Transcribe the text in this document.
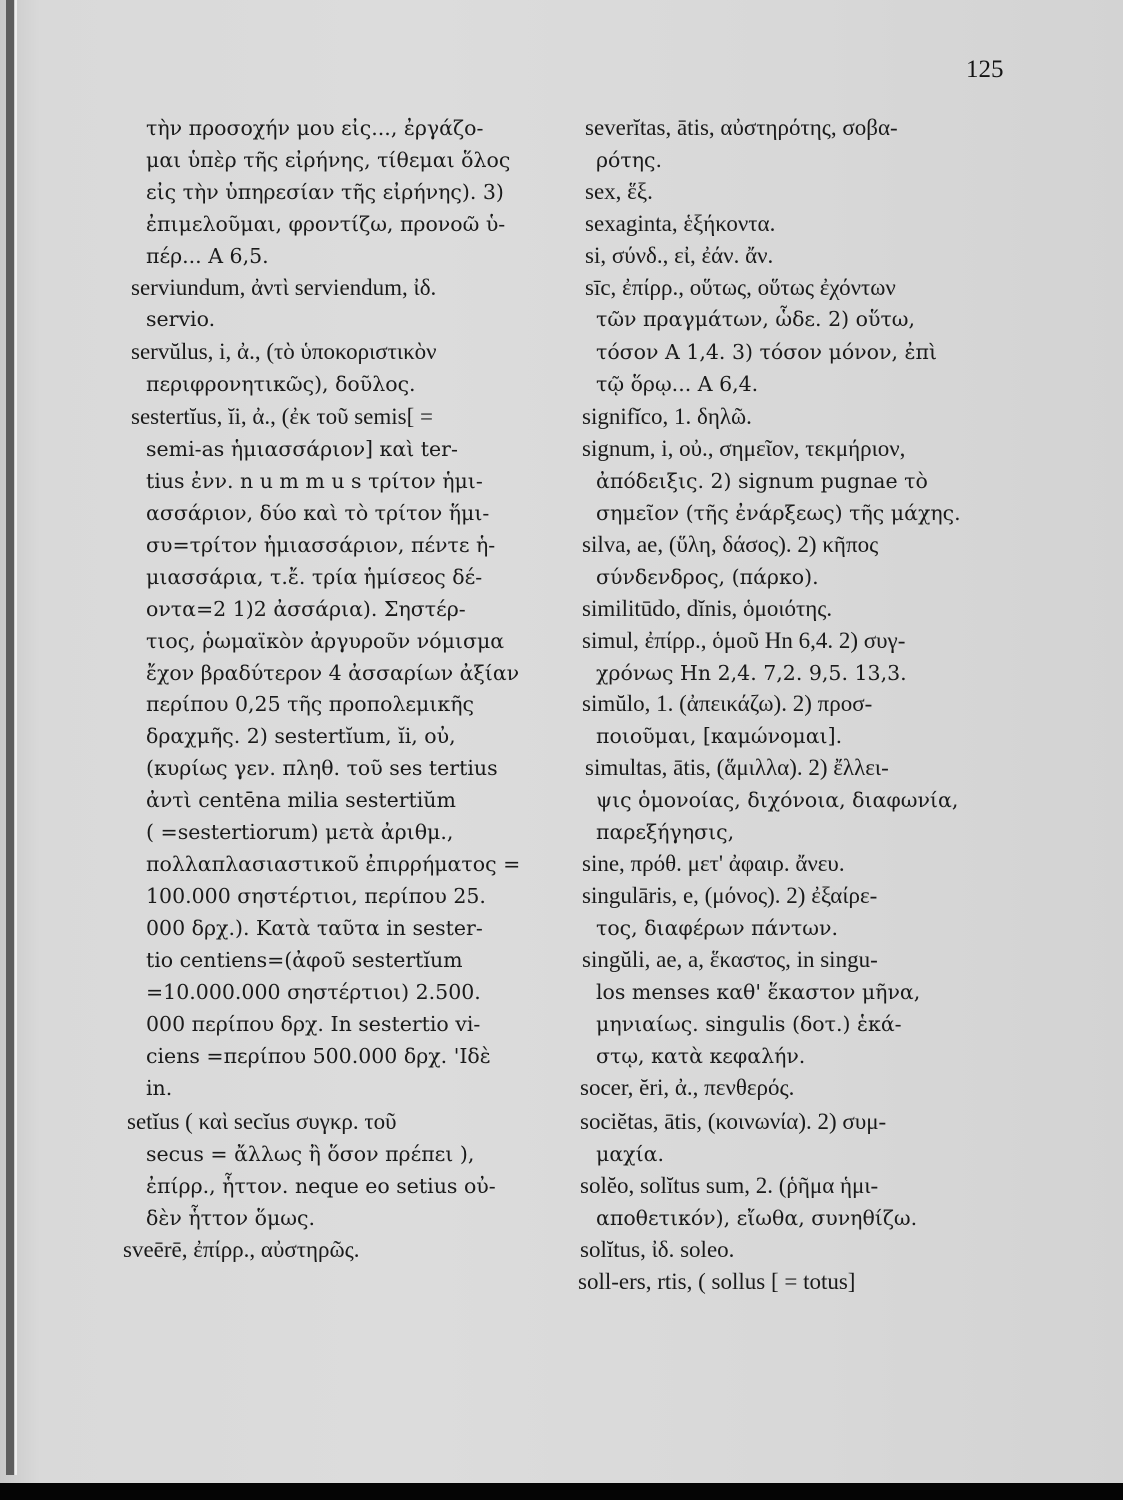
125
τὴν προσοχήν μου εἰς..., ἐργάζο-
μαι ὑπὲρ τῆς εἰρήνης, τίθεμαι ὅλος
εἰς τὴν ὑπηρεσίαν τῆς εἰρήνης). 3)
ἐπιμελοῦμαι, φροντίζω, προνοῶ ὑ-
πέρ... Α 6,5.
serviundum, ἀντὶ serviendum, ἰδ.
servio.
servŭlus, i, ἀ., (τὸ ὑποκοριστικὸν
περιφρονητικῶς), δοῦλος.
sestertĭus, ĭi, ἀ., (ἐκ τοῦ semis[ =
semi-as ἡμιασσάριον] καὶ ter-
tius ἐνν. n u m m u s τρίτον ἡμι-
ασσάριον, δύο καὶ τὸ τρίτον ἥμι-
συ=τρίτον ἡμιασσάριον, πέντε ἡ-
μιασσάρια, τ.ἔ. τρία ἡμίσεος δέ-
οντα=2 1)2 ἀσσάρια). Σηστέρ-
τιος, ῥωμαϊκὸν ἀργυροῦν νόμισμα
ἔχον βραδύτερον 4 ἀσσαρίων ἀξίαν
περίπου 0,25 τῆς προπολεμικῆς
δραχμῆς. 2) sestertĭum, ĭi, οὐ,
(κυρίως γεν. πληθ. τοῦ ses tertius
ἀντὶ centēna milia sestertiŭm
( =sestertiorum) μετὰ ἀριθμ.,
πολλαπλασιαστικοῦ ἐπιρρήματος =
100.000 σηστέρτιοι, περίπου 25.
000 δρχ.). Κατὰ ταῦτα in sester-
tio centiens=(ἀφοῦ sestertĭum
=10.000.000 σηστέρτιοι) 2.500.
000 περίπου δρχ. In sestertio vi-
ciens =περίπου 500.000 δρχ. 'Ιδὲ
in.
setĭus ( καὶ secĭus συγκρ. τοῦ
secus = ἄλλως ἢ ὅσον πρέπει ),
ἐπίρρ., ἧττον. neque eo setius οὐ-
δὲν ἧττον ὅμως.
sveērē, ἐπίρρ., αὐστηρῶς.
severĭtas, ātis, αὐστηρότης, σοβα-
ρότης.
sex, ἕξ.
sexaginta, ἑξήκοντα.
si, σύνδ., εἰ, ἐάν. ἄν.
sīc, ἐπίρρ., οὕτως, οὕτως ἐχόντων
τῶν πραγμάτων, ὧδε. 2) οὕτω,
τόσον Α 1,4. 3) τόσον μόνον, ἐπὶ
τῷ ὅρῳ... Α 6,4.
signifĭco, 1. δηλῶ.
signum, i, οὐ., σημεῖον, τεκμήριον,
ἀπόδειξις. 2) signum pugnae τὸ
σημεῖον (τῆς ἐνάρξεως) τῆς μάχης.
silva, ae, (ὕλη, δάσος). 2) κῆπος
σύνδενδρος, (πάρκο).
similitūdo, dĭnis, ὁμοιότης.
simul, ἐπίρρ., ὁμοῦ Hn 6,4. 2) συγ-
χρόνως Hn 2,4. 7,2. 9,5. 13,3.
simŭlo, 1. (ἀπεικάζω). 2) προσ-
ποιοῦμαι, [καμώνομαι].
simultas, ātis, (ἅμιλλα). 2) ἔλλει-
ψις ὁμονοίας, διχόνοια, διαφωνία,
παρεξήγησις,
sine, πρόθ. μετ' ἀφαιρ. ἄνευ.
singulāris, e, (μόνος). 2) ἐξαίρε-
τος, διαφέρων πάντων.
singŭli, ae, a, ἕκαστος, in singu-
los menses καθ' ἕκαστον μῆνα,
μηνιαίως. singulis (δοτ.) ἑκά-
στῳ, κατὰ κεφαλήν.
socer, ĕri, ἀ., πενθερός.
sociĕtas, ātis, (κοινωνία). 2) συμ-
μαχία.
solĕo, solĭtus sum, 2. (ῥῆμα ἡμι-
αποθετικόν), εἴωθα, συνηθίζω.
solĭtus, ἰδ. soleo.
soll-ers, rtis, ( sollus [ = totus]
